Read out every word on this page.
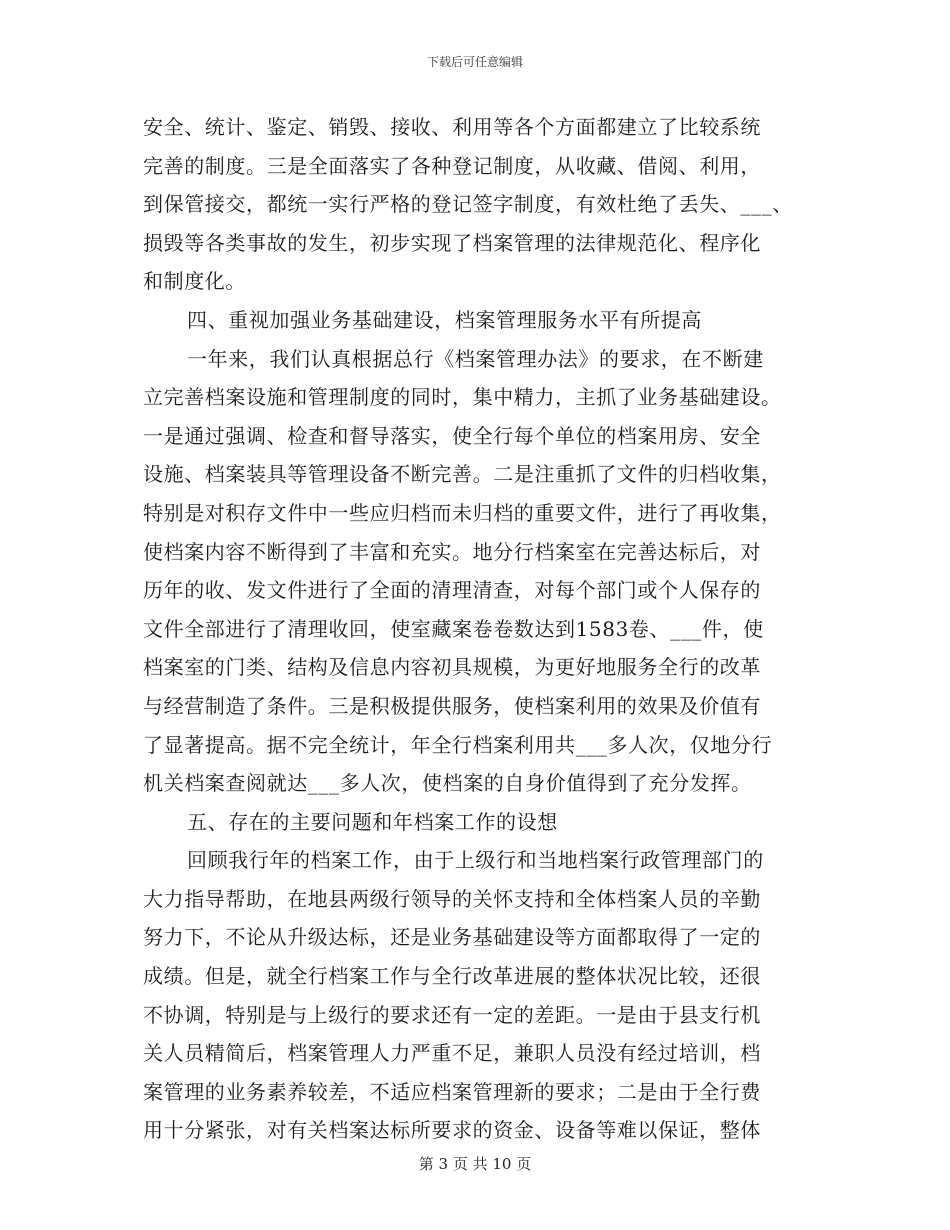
下载后可任意编辑
安全、统计、鉴定、销毁、接收、利用等各个方面都建立了比较系统
完善的制度。三是全面落实了各种登记制度，从收藏、借阅、利用，
到保管接交，都统一实行严格的登记签字制度，有效杜绝了丢失、___、
损毁等各类事故的发生，初步实现了档案管理的法律规范化、程序化
和制度化。
四、重视加强业务基础建设，档案管理服务水平有所提高
一年来，我们认真根据总行《档案管理办法》的要求，在不断建
立完善档案设施和管理制度的同时，集中精力，主抓了业务基础建设。
一是通过强调、检查和督导落实，使全行每个单位的档案用房、安全
设施、档案装具等管理设备不断完善。二是注重抓了文件的归档收集，
特别是对积存文件中一些应归档而未归档的重要文件，进行了再收集，
使档案内容不断得到了丰富和充实。地分行档案室在完善达标后，对
历年的收、发文件进行了全面的清理清查，对每个部门或个人保存的
文件全部进行了清理收回，使室藏案卷卷数达到1583卷、___件，使
档案室的门类、结构及信息内容初具规模，为更好地服务全行的改革
与经营制造了条件。三是积极提供服务，使档案利用的效果及价值有
了显著提高。据不完全统计，年全行档案利用共___多人次，仅地分行
机关档案查阅就达___多人次，使档案的自身价值得到了充分发挥。
五、存在的主要问题和年档案工作的设想
回顾我行年的档案工作，由于上级行和当地档案行政管理部门的
大力指导帮助，在地县两级行领导的关怀支持和全体档案人员的辛勤
努力下，不论从升级达标，还是业务基础建设等方面都取得了一定的
成绩。但是，就全行档案工作与全行改革进展的整体状况比较，还很
不协调，特别是与上级行的要求还有一定的差距。一是由于县支行机
关人员精简后，档案管理人力严重不足，兼职人员没有经过培训，档
案管理的业务素养较差，不适应档案管理新的要求；二是由于全行费
用十分紧张，对有关档案达标所要求的资金、设备等难以保证，整体
第 3 页 共 10 页
